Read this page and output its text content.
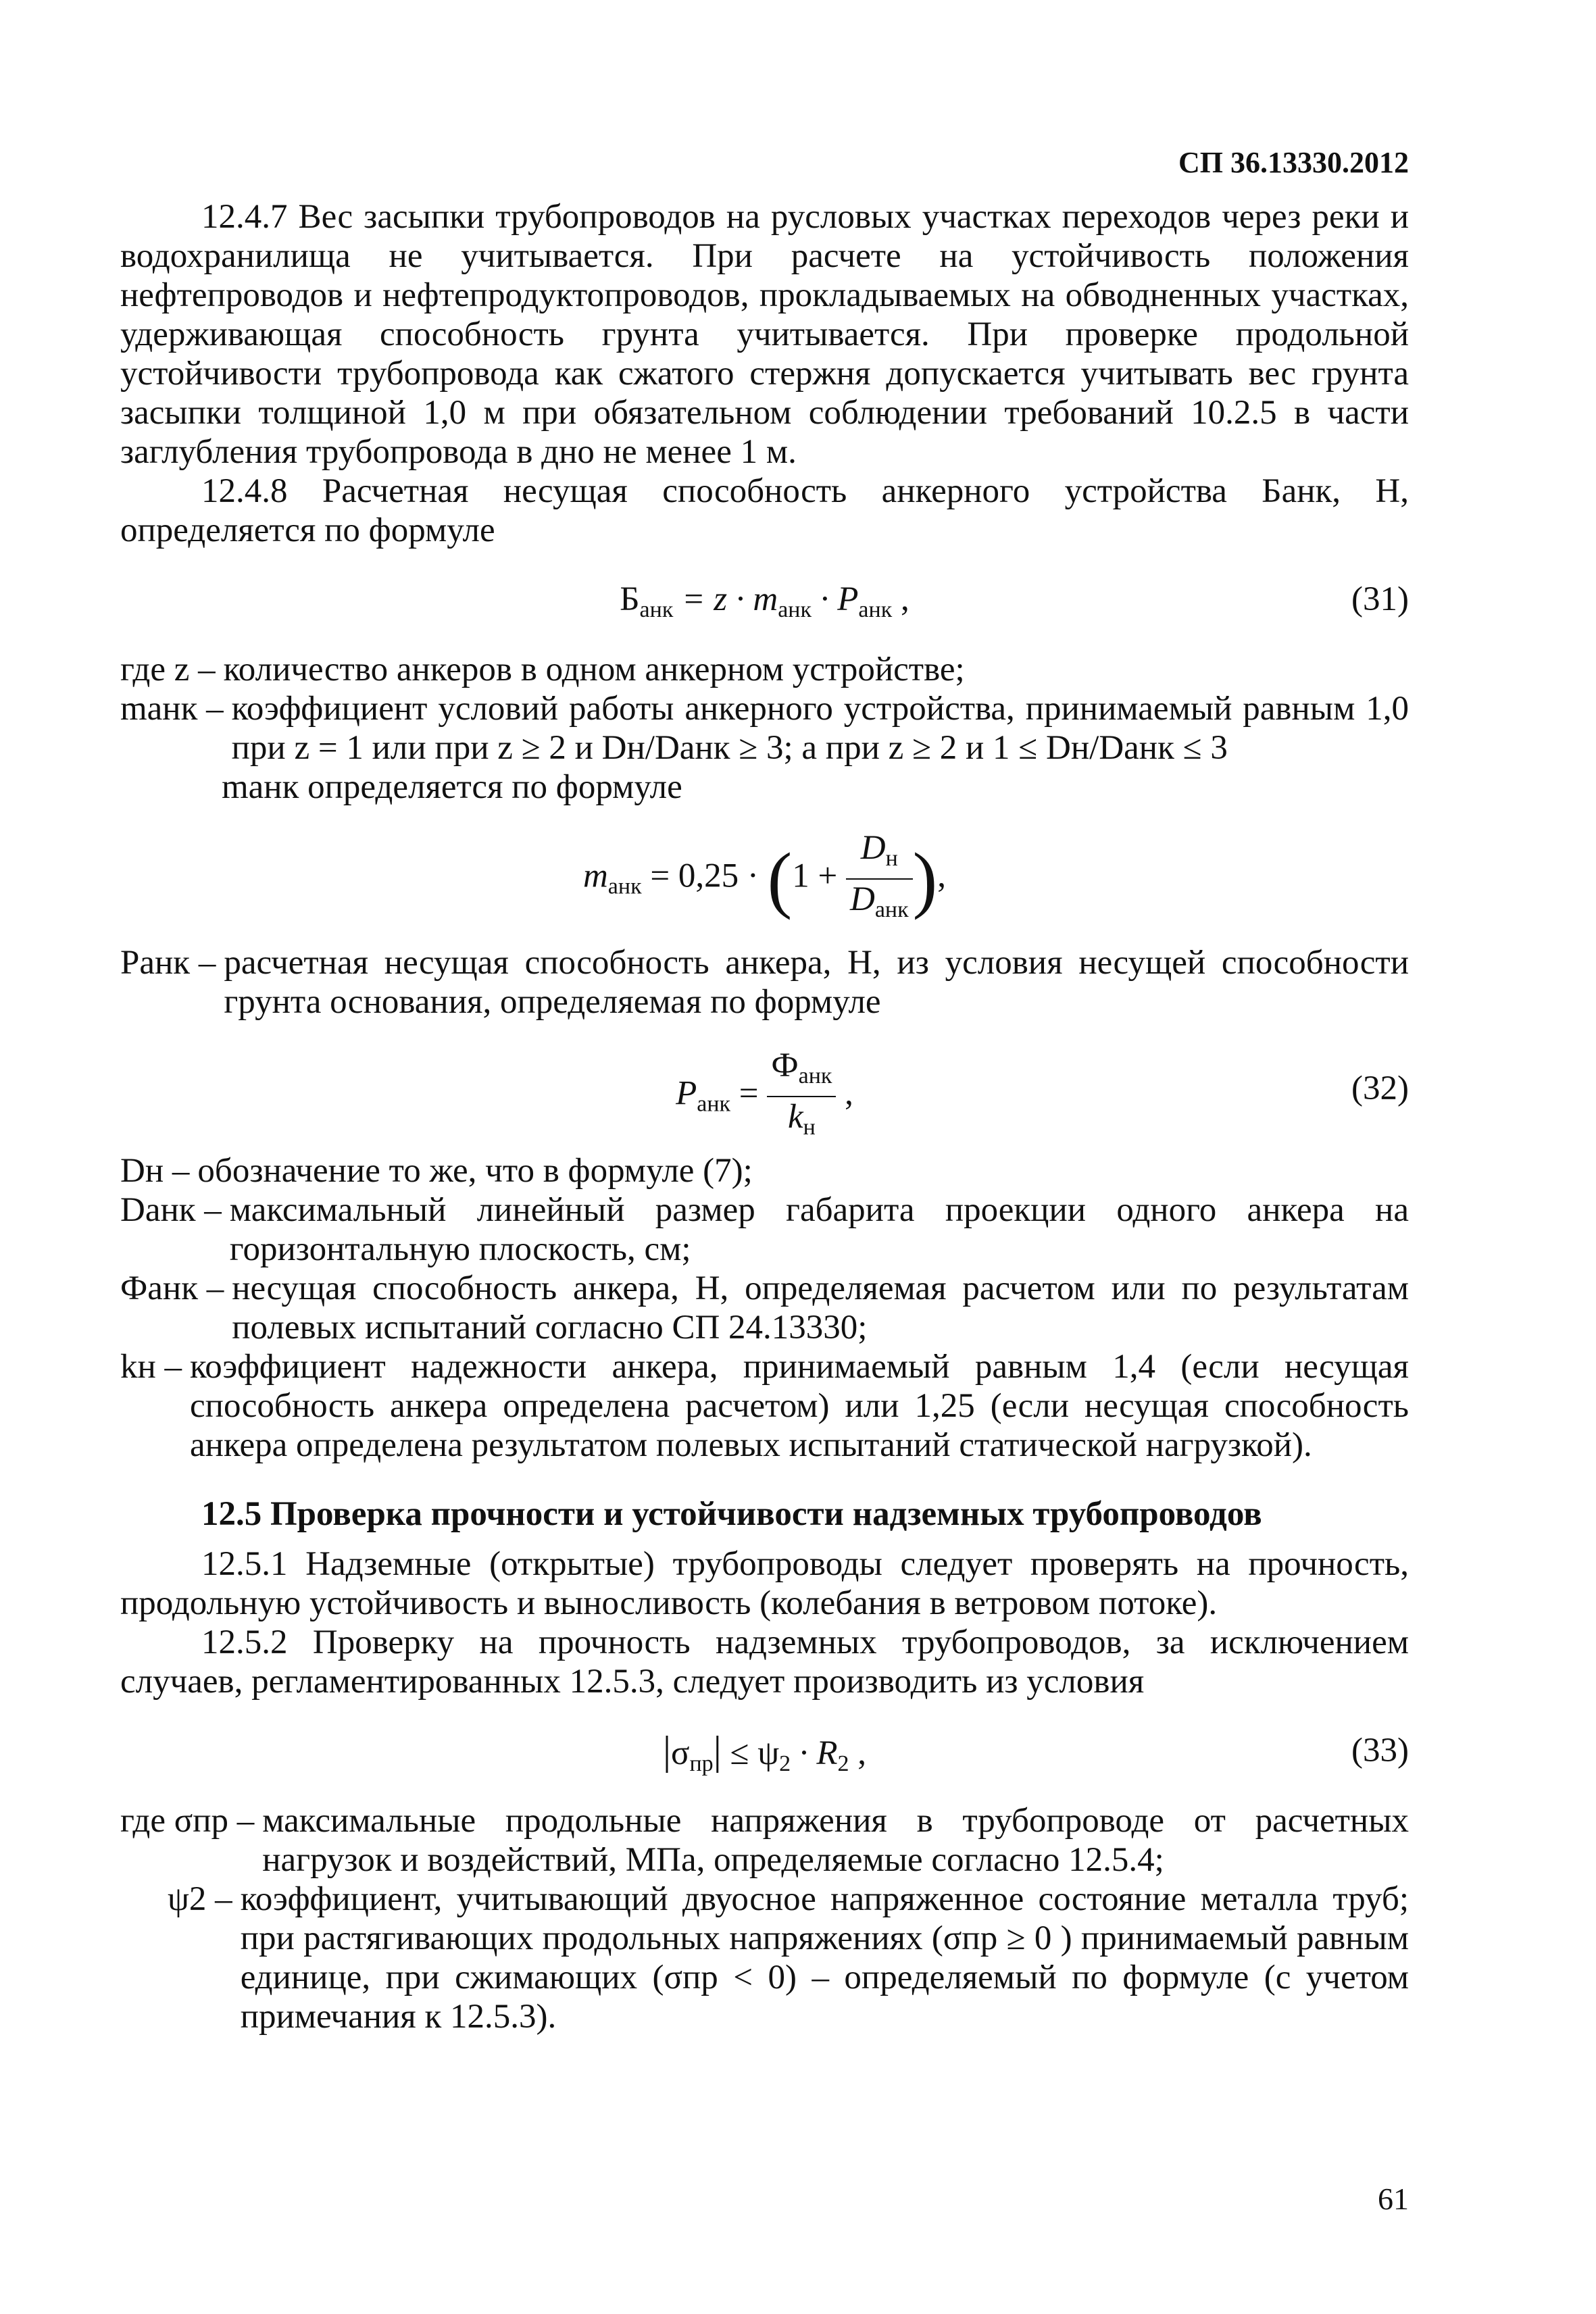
СП 36.13330.2012

12.4.7 Вес засыпки трубопроводов на русловых участках переходов через реки и водохранилища не учитывается. При расчете на устойчивость положения нефтепроводов и нефтепродуктопроводов, прокладываемых на обводненных участках, удерживающая способность грунта учитывается. При проверке продольной устойчивости трубопровода как сжатого стержня допускается учитывать вес грунта засыпки толщиной 1,0 м при обязательном соблюдении требований 10.2.5 в части заглубления трубопровода в дно не менее 1 м.

12.4.8 Расчетная несущая способность анкерного устройства Банк, Н, определяется по формуле

$Б_{анк} = z \cdot m_{анк} \cdot P_{анк}$ ,	(31)
где z – количество анкеров в одном анкерном устройстве;
mанк – коэффициент условий работы анкерного устройства, принимаемый равным 1,0 при z = 1 или при z ≥ 2 и Dн/Dанк ≥ 3; а при z ≥ 2 и 1 ≤ Dн/Dанк ≤ 3
mанк определяется по формуле
$m_{анк} = 0,25 \cdot (1 + \frac{D_н}{D_{анк}}$ ),
Pанк – расчетная несущая способность анкера, Н, из условия несущей способности грунта основания, определяемая по формуле
$P_{анк} = \frac{Ф_{анк}}{k_н}$ ,	(32)
Dн – обозначение то же, что в формуле (7);
Dанк – максимальный линейный размер габарита проекции одного анкера на горизонтальную плоскость, см;
Фанк – несущая способность анкера, Н, определяемая расчетом или по результатам полевых испытаний согласно СП 24.13330;
kн – коэффициент надежности анкера, принимаемый равным 1,4 (если несущая способность анкера определена расчетом) или 1,25 (если несущая способность анкера определена результатом полевых испытаний статической нагрузкой).
12.5 Проверка прочности и устойчивости надземных трубопроводов

12.5.1 Надземные (открытые) трубопроводы следует проверять на прочность, продольную устойчивость и выносливость (колебания в ветровом потоке).

12.5.2 Проверку на прочность надземных трубопроводов, за исключением случаев, регламентированных 12.5.3, следует производить из условия

$|\sigma_{пр}| \le \psi_2 \cdot R_2$ ,	(33)
где σпр – максимальные продольные напряжения в трубопроводе от расчетных нагрузок и воздействий, МПа, определяемые согласно 12.5.4;
ψ2 – коэффициент, учитывающий двуосное напряженное состояние металла труб; при растягивающих продольных напряжениях (σпр ≥ 0 ) принимаемый равным единице, при сжимающих (σпр < 0) – определяемый по формуле (с учетом примечания к 12.5.3).
61
